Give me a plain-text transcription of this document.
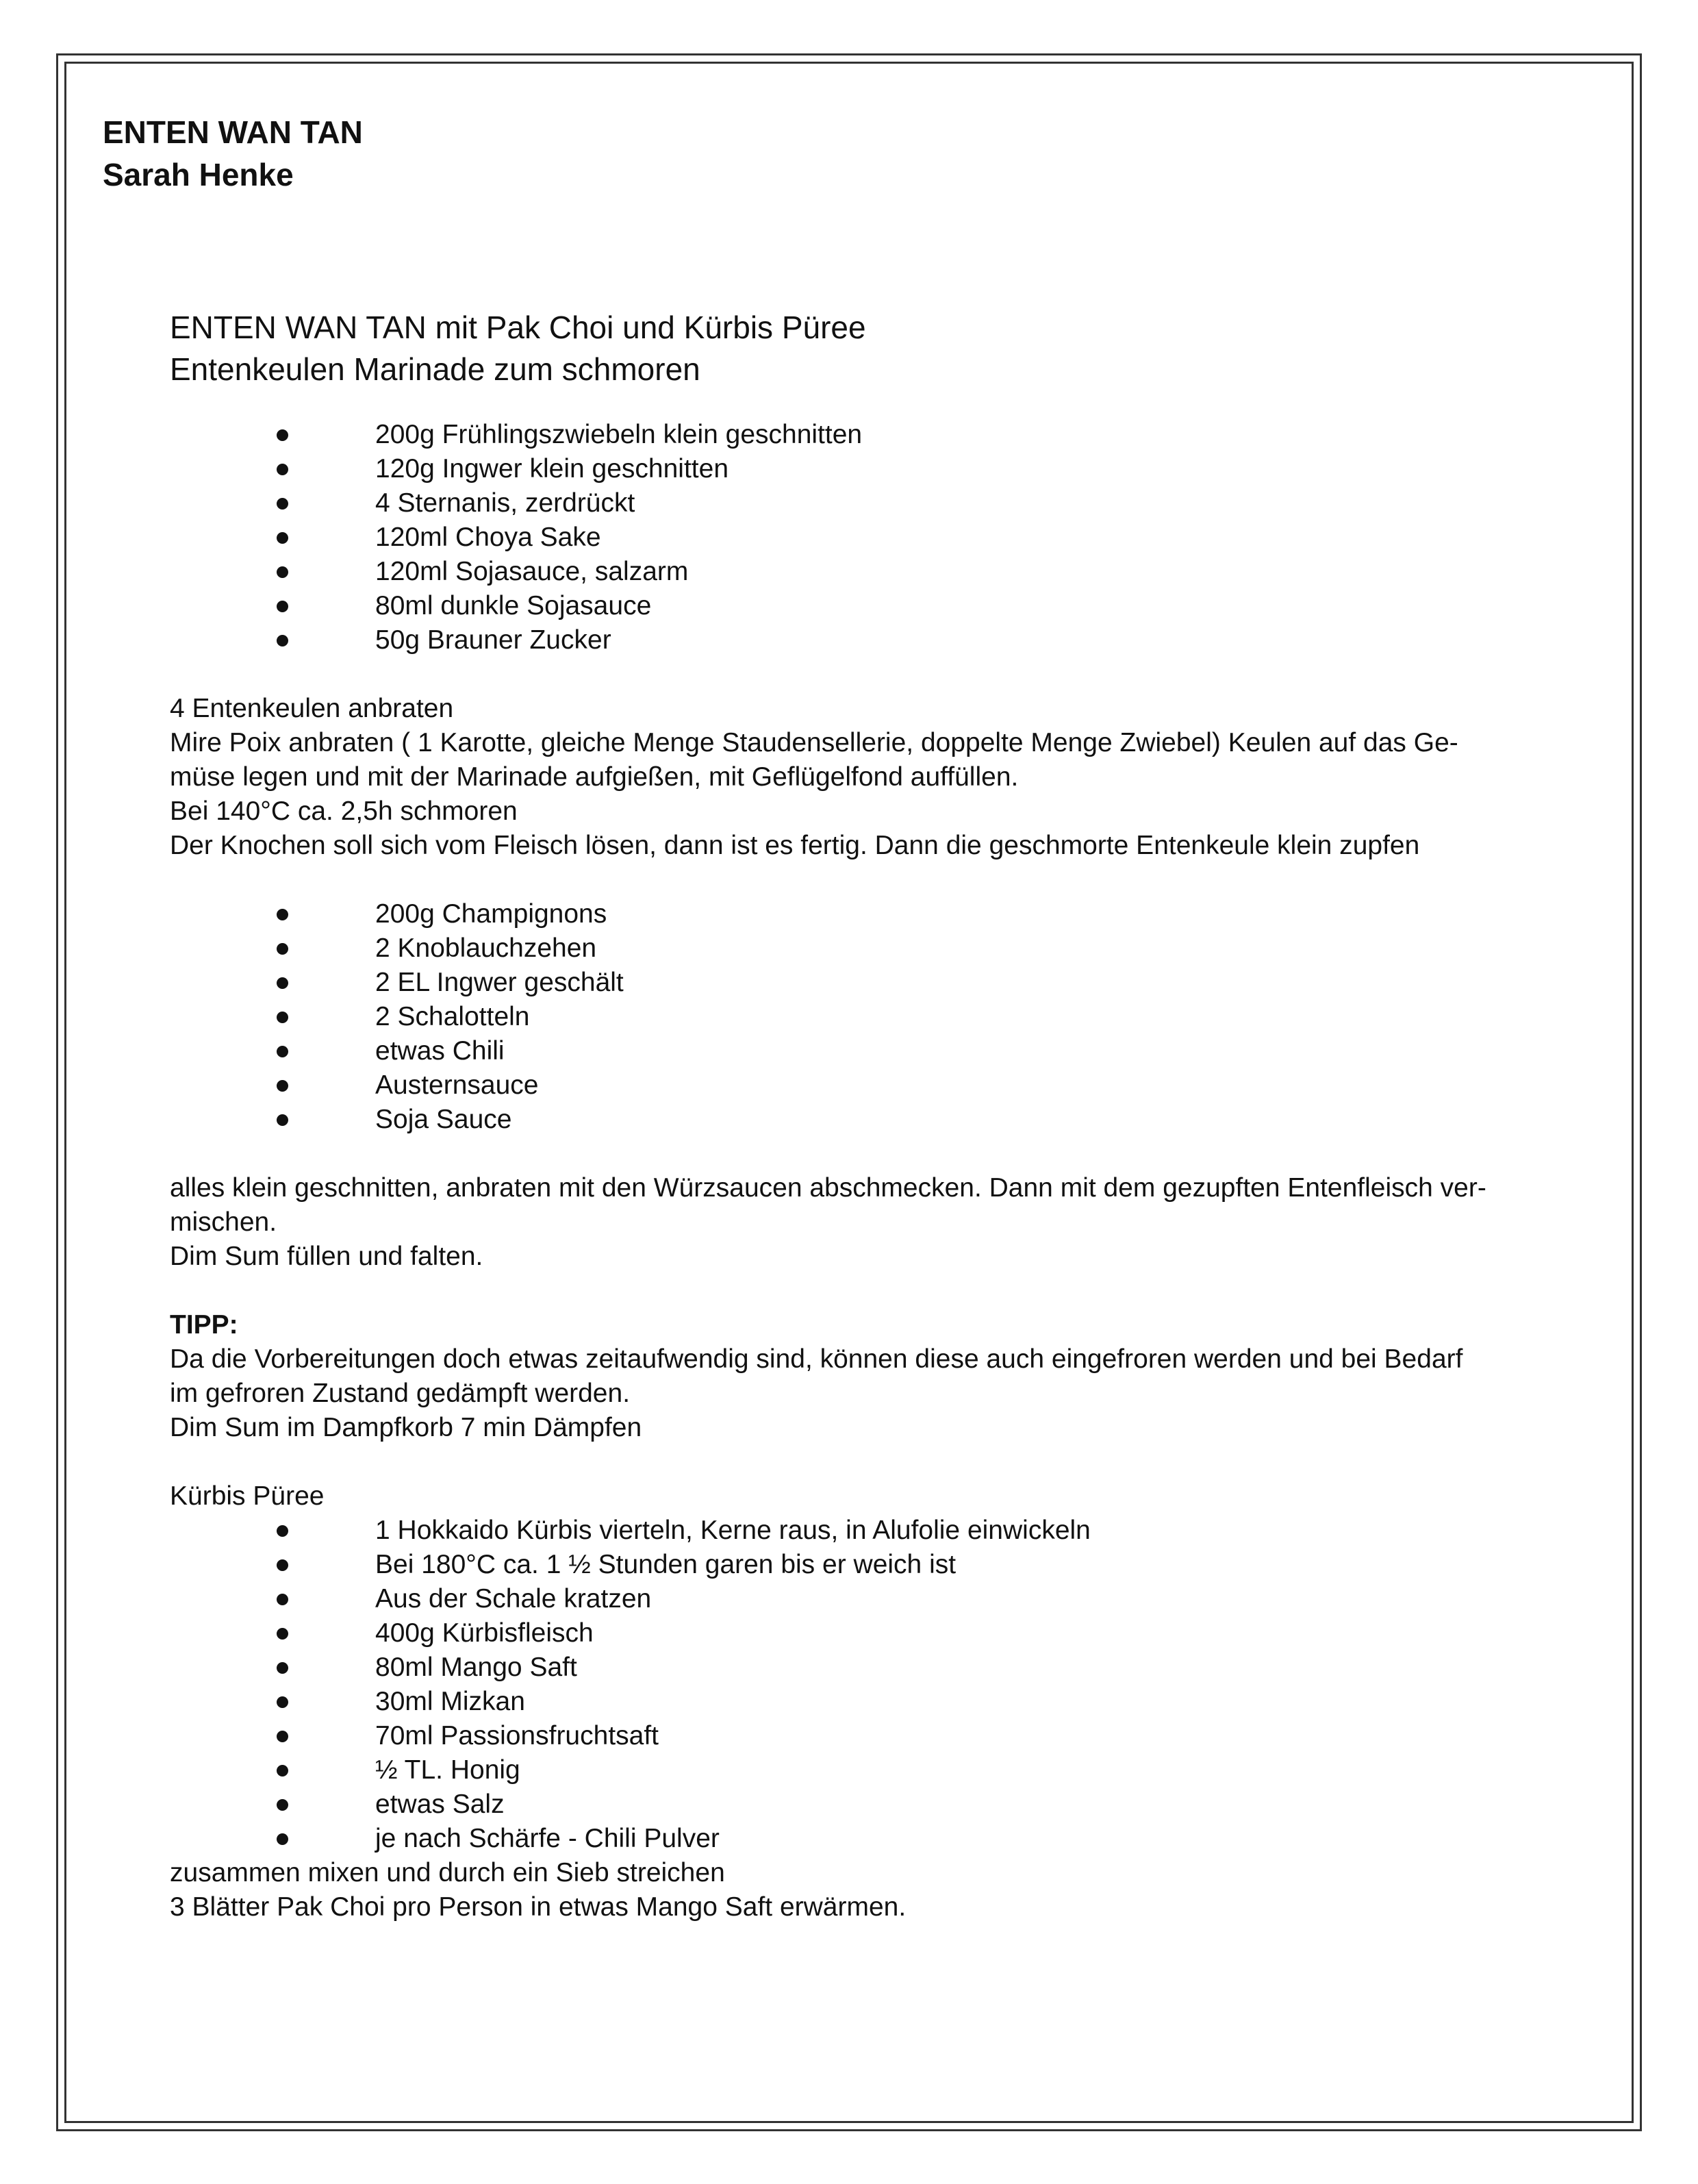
ENTEN WAN TAN
Sarah Henke
ENTEN WAN TAN mit Pak Choi und Kürbis Püree
Entenkeulen Marinade zum schmoren
200g Frühlingszwiebeln klein geschnitten
120g Ingwer klein geschnitten
4 Sternanis, zerdrückt
120ml Choya Sake
120ml Sojasauce, salzarm
80ml dunkle Sojasauce
50g Brauner Zucker
4 Entenkeulen anbraten
Mire Poix anbraten ( 1 Karotte, gleiche Menge Staudensellerie, doppelte Menge Zwiebel) Keulen auf das Ge-
müse legen und mit der Marinade aufgießen, mit Geflügelfond auffüllen.
Bei 140°C ca. 2,5h schmoren
Der Knochen soll sich vom Fleisch lösen, dann ist es fertig. Dann die geschmorte Entenkeule klein zupfen
200g Champignons
2 Knoblauchzehen
2 EL Ingwer geschält
2 Schalotteln
etwas Chili
Austernsauce
Soja Sauce
alles klein geschnitten, anbraten mit den Würzsaucen abschmecken. Dann mit dem gezupften Entenfleisch ver-
mischen.
Dim Sum füllen und falten.
TIPP:
Da die Vorbereitungen doch etwas zeitaufwendig sind, können diese auch eingefroren werden und bei Bedarf
im gefroren Zustand gedämpft werden.
Dim Sum im Dampfkorb 7 min Dämpfen
Kürbis Püree
1 Hokkaido Kürbis vierteln, Kerne raus, in Alufolie einwickeln
Bei 180°C ca. 1 ½ Stunden garen bis er weich ist
Aus der Schale kratzen
400g Kürbisfleisch
80ml Mango Saft
30ml Mizkan
70ml Passionsfruchtsaft
½ TL. Honig
etwas Salz
je nach Schärfe - Chili Pulver
zusammen mixen und durch ein Sieb streichen
3 Blätter Pak Choi pro Person in etwas Mango Saft erwärmen.
